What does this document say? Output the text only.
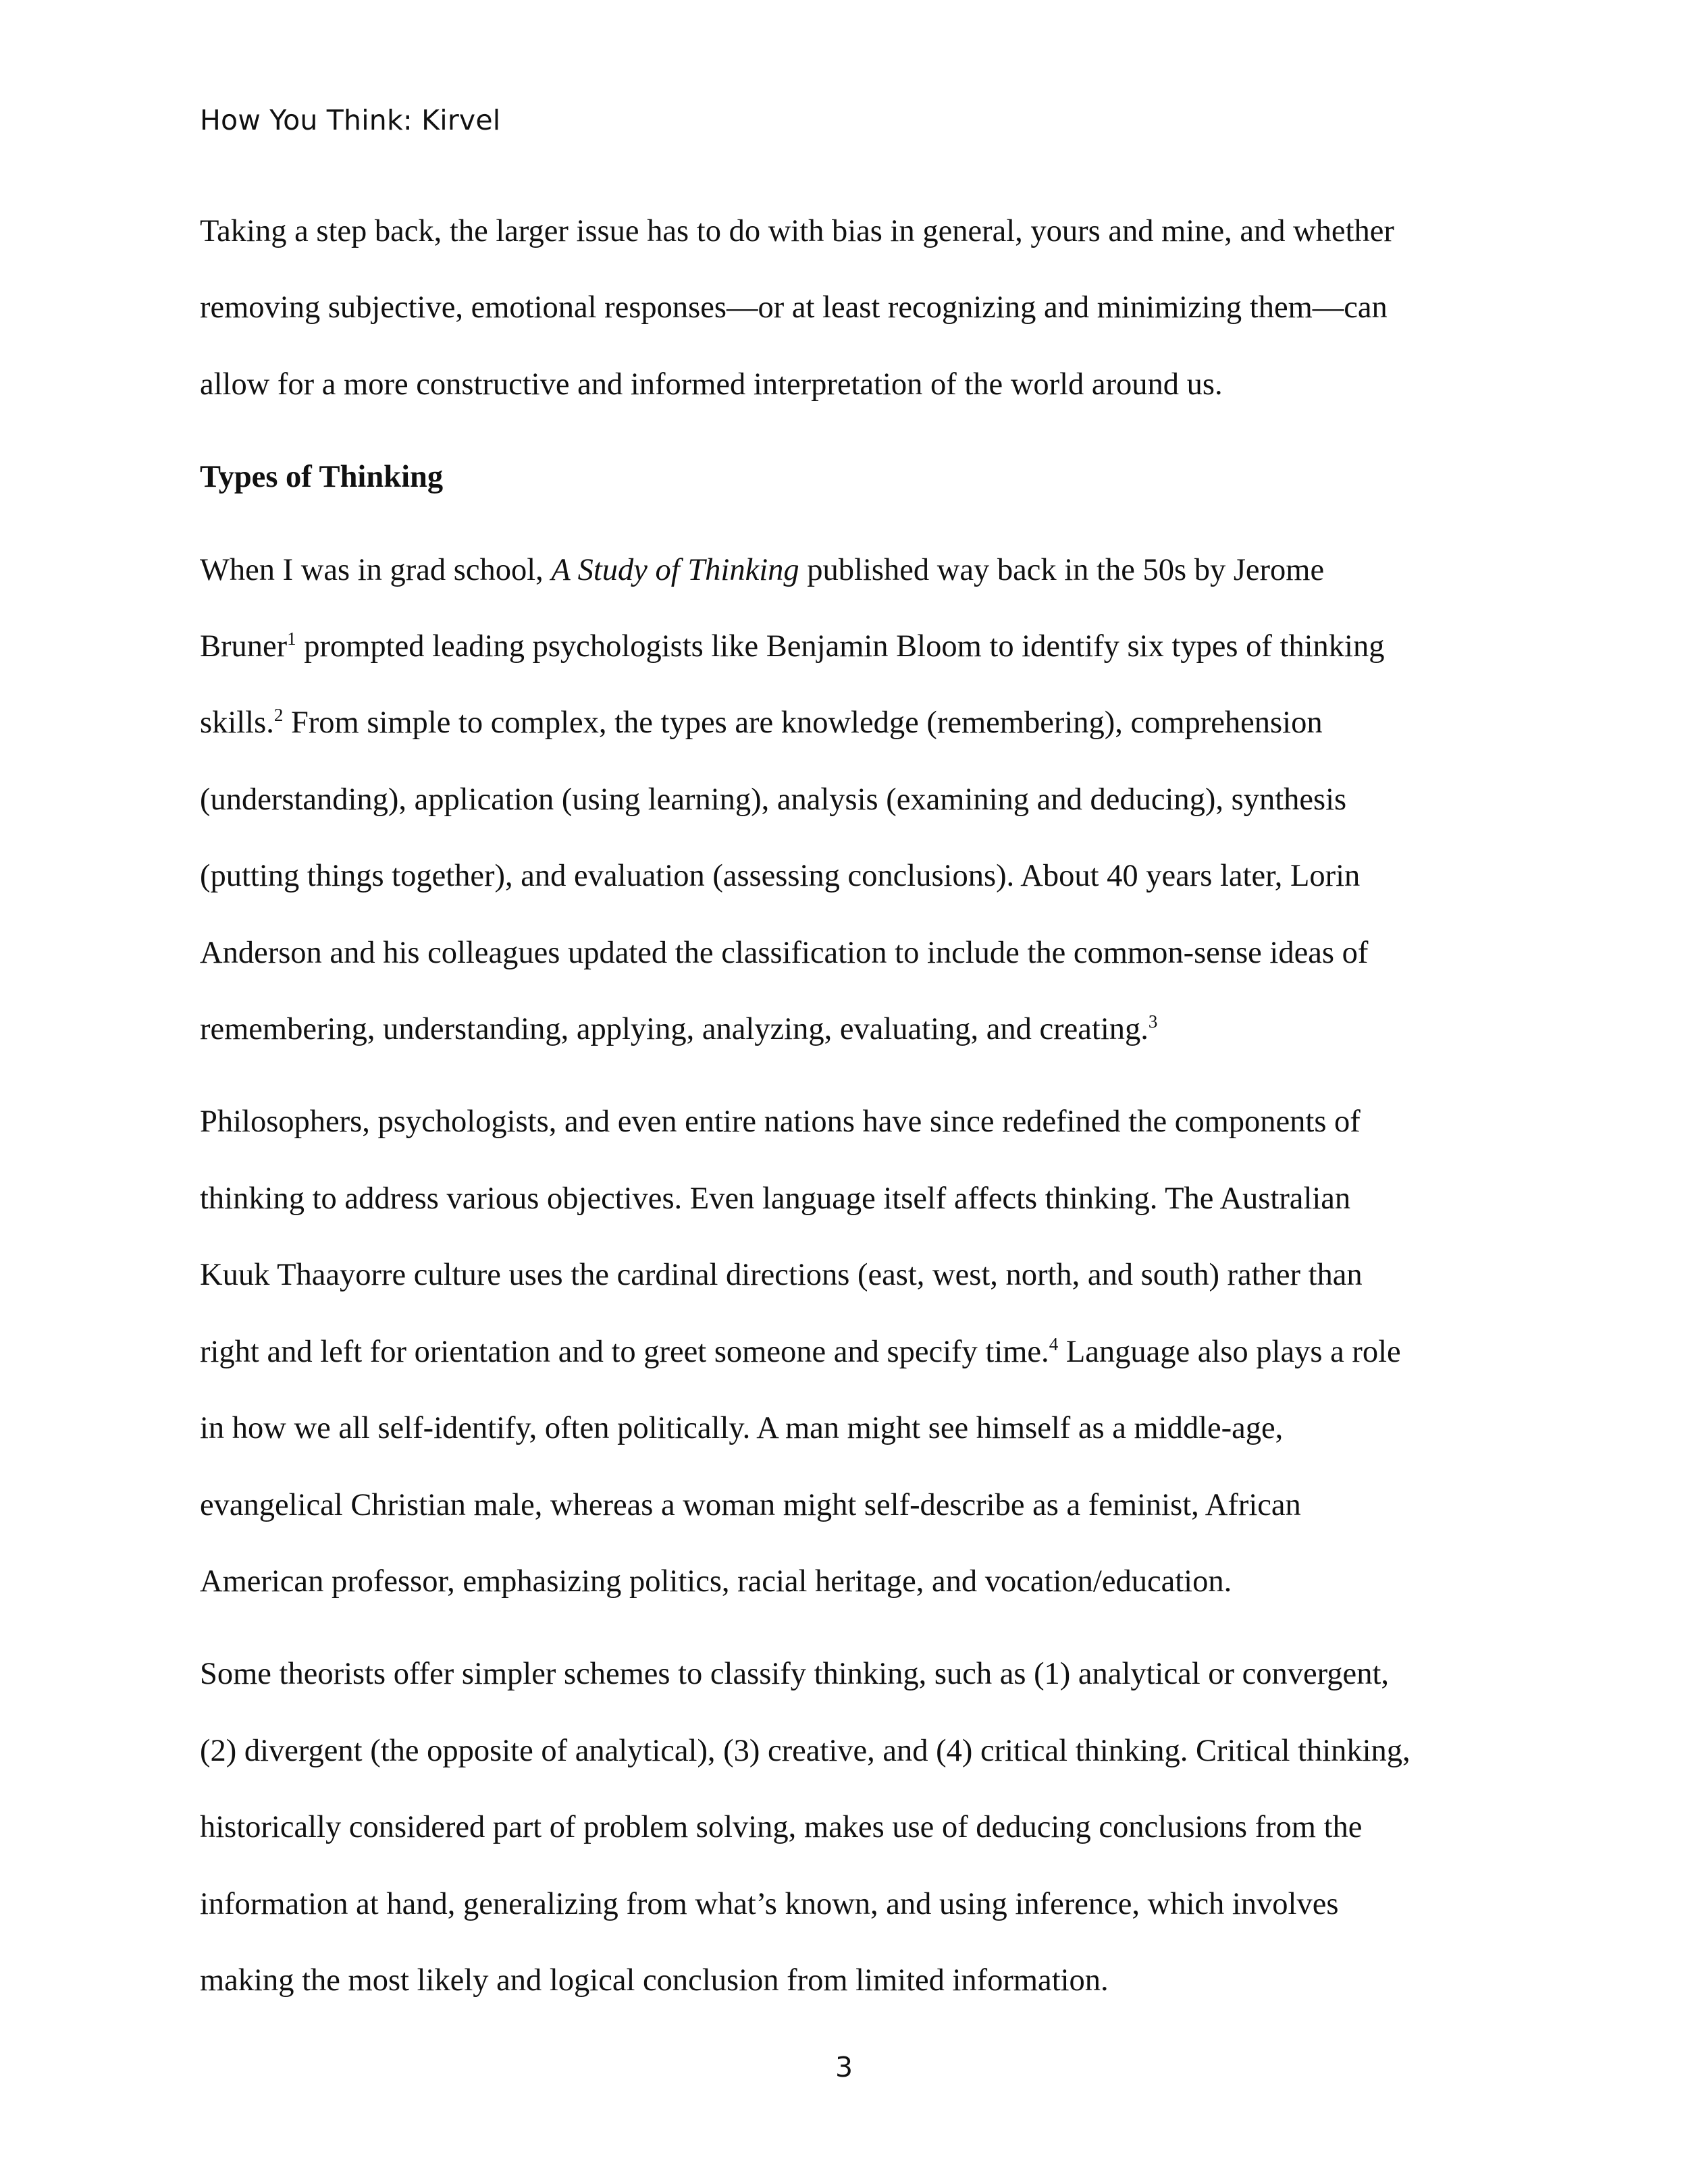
How You Think: Kirvel

Taking a step back, the larger issue has to do with bias in general, yours and mine, and whether
removing subjective, emotional responses—or at least recognizing and minimizing them—can
allow for a more constructive and informed interpretation of the world around us.

Types of Thinking

When I was in grad school, A Study of Thinking published way back in the 50s by Jerome
Bruner$^1$ prompted leading psychologists like Benjamin Bloom to identify six types of thinking
skills.$^2$ From simple to complex, the types are knowledge (remembering), comprehension
(understanding), application (using learning), analysis (examining and deducing), synthesis
(putting things together), and evaluation (assessing conclusions). About 40 years later, Lorin
Anderson and his colleagues updated the classification to include the common-sense ideas of
remembering, understanding, applying, analyzing, evaluating, and creating.$^3$

Philosophers, psychologists, and even entire nations have since redefined the components of
thinking to address various objectives. Even language itself affects thinking. The Australian
Kuuk Thaayorre culture uses the cardinal directions (east, west, north, and south) rather than
right and left for orientation and to greet someone and specify time.$^4$ Language also plays a role
in how we all self-identify, often politically. A man might see himself as a middle-age,
evangelical Christian male, whereas a woman might self-describe as a feminist, African
American professor, emphasizing politics, racial heritage, and vocation/education.

Some theorists offer simpler schemes to classify thinking, such as (1) analytical or convergent,
(2) divergent (the opposite of analytical), (3) creative, and (4) critical thinking. Critical thinking,
historically considered part of problem solving, makes use of deducing conclusions from the
information at hand, generalizing from what’s known, and using inference, which involves
making the most likely and logical conclusion from limited information.

3
